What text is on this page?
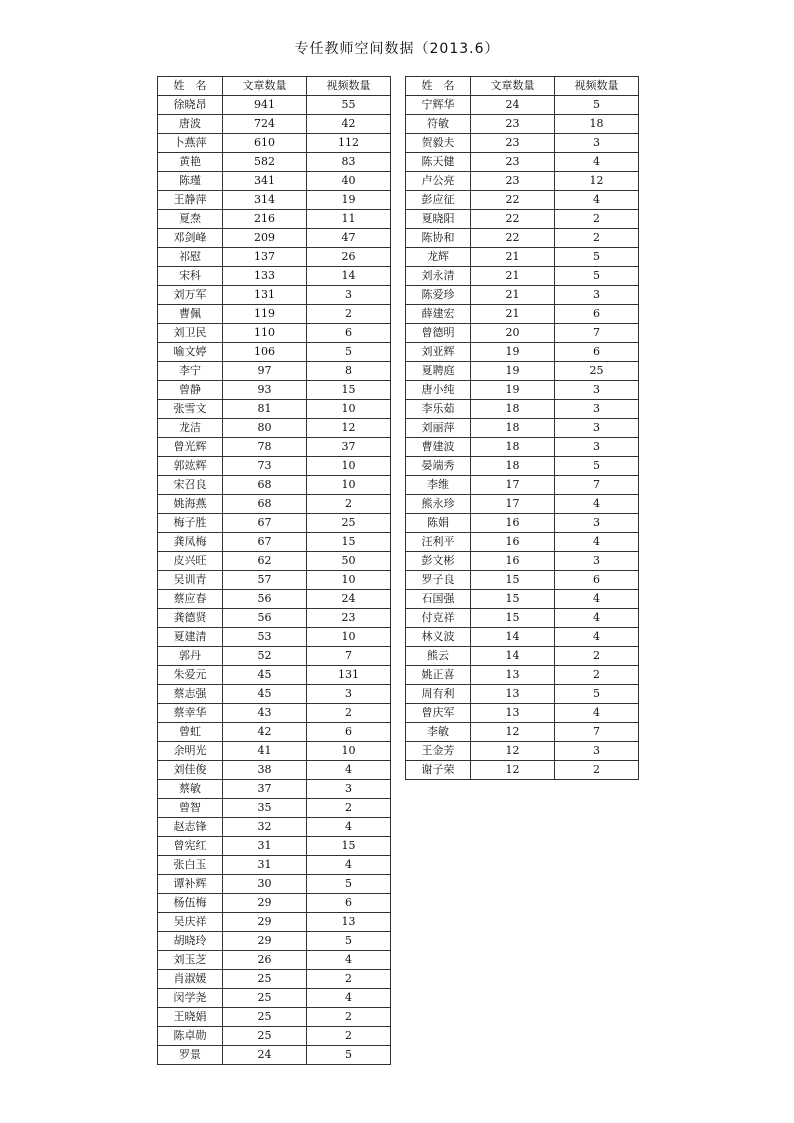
专任教师空间数据（2013.6）
姓　名	文章数量	视频数量
徐晓昂	941	55
唐波	724	42
卜燕萍	610	112
黄艳	582	83
陈瑾	341	40
王静萍	314	19
夏焘	216	11
邓剑峰	209	47
祁慰	137	26
宋科	133	14
刘万军	131	3
曹佩	119	2
刘卫民	110	6
喻文婷	106	5
李宁	97	8
曾静	93	15
张雪文	81	10
龙洁	80	12
曾光辉	78	37
郭竑辉	73	10
宋召良	68	10
姚海燕	68	2
梅子胜	67	25
龚凤梅	67	15
皮兴旺	62	50
吴训青	57	10
蔡应春	56	24
龚德贤	56	23
夏建清	53	10
郭丹	52	7
朱爱元	45	131
蔡志强	45	3
蔡幸华	43	2
曾虹	42	6
余明光	41	10
刘佳俊	38	4
蔡敏	37	3
曾智	35	2
赵志锋	32	4
曾宪红	31	15
张白玉	31	4
谭补辉	30	5
杨伍梅	29	6
吴庆祥	29	13
胡晓玲	29	5
刘玉芝	26	4
肖淑媛	25	2
闵学尧	25	4
王晓娟	25	2
陈卓勋	25	2
罗景	24	5
姓　名	文章数量	视频数量
宁辉华	24	5
符敏	23	18
贺毅夫	23	3
陈天健	23	4
卢公亮	23	12
彭应征	22	4
夏晓阳	22	2
陈协和	22	2
龙辉	21	5
刘永清	21	5
陈爱珍	21	3
薛建宏	21	6
曾德明	20	7
刘亚辉	19	6
夏聘庭	19	25
唐小纯	19	3
李乐茹	18	3
刘丽萍	18	3
曹建波	18	3
晏端秀	18	5
李维	17	7
熊永珍	17	4
陈娟	16	3
汪利平	16	4
彭文彬	16	3
罗子良	15	6
石国强	15	4
付克祥	15	4
林义波	14	4
熊云	14	2
姚正喜	13	2
周有利	13	5
曾庆军	13	4
李敏	12	7
王金芳	12	3
谢子荣	12	2
